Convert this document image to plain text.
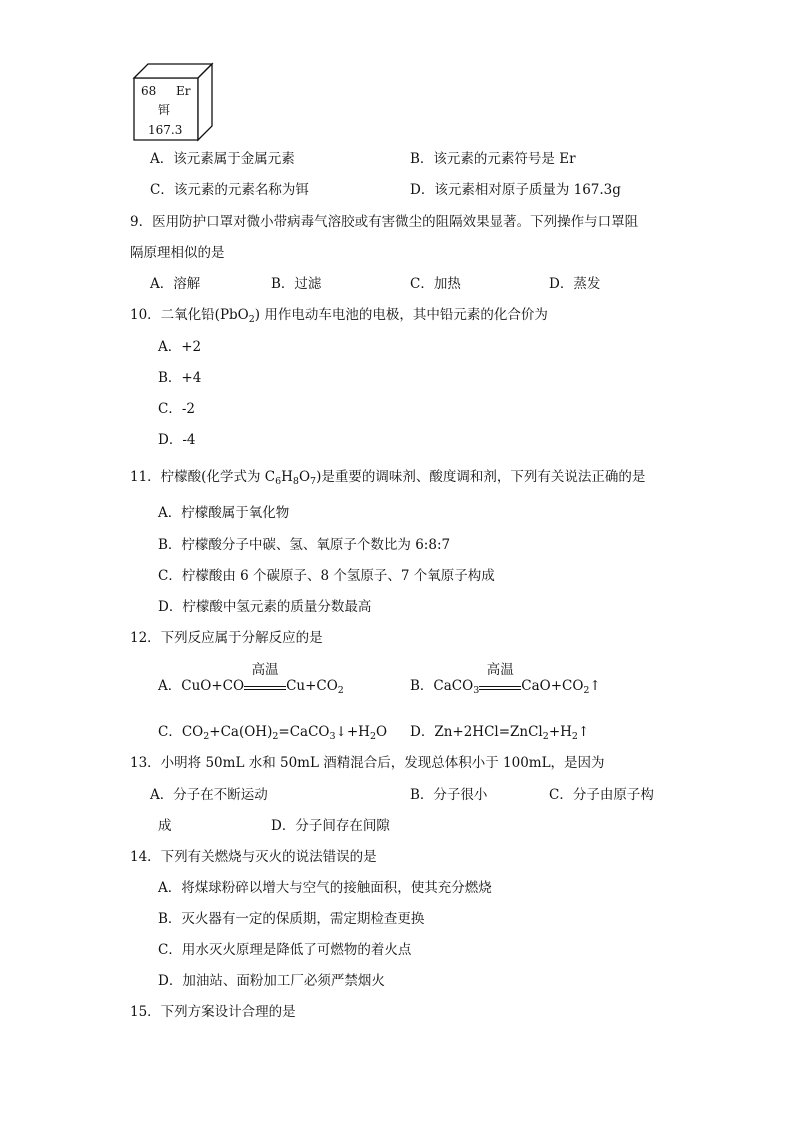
68 Er
铒
167.3
A．该元素属于金属元素	B．该元素的元素符号是 Er
C．该元素的元素名称为铒	D．该元素相对原子质量为 167.3g
9．医用防护口罩对微小带病毒气溶胶或有害微尘的阻隔效果显著。下列操作与口罩阻
隔原理相似的是
A．溶解	B．过滤	C．加热	D．蒸发
10．二氧化铅(PbO$_2$) 用作电动车电池的电极，其中铅元素的化合价为
A．+2
B．+4
C．-2
D．-4
11．柠檬酸(化学式为 $C_6H_8O_7$)是重要的调味剂、酸度调和剂，下列有关说法正确的是
A．柠檬酸属于氧化物
B．柠檬酸分子中碳、氢、氧原子个数比为 6:8:7
C．柠檬酸由 6 个碳原子、8 个氢原子、7 个氧原子构成
D．柠檬酸中氢元素的质量分数最高
12．下列反应属于分解反应的是
A．CuO+CO
高温
$Cu+CO_2$	B．CaCO$_3$
高温
$CaO+CO_2↑$
C．$CO_2+Ca(OH)_2=CaCO_3↓+H_2O$ D．$Zn+2HCl=ZnCl_2+H_2↑$
13．小明将 50mL 水和 50mL 酒精混合后，发现总体积小于 100mL，是因为
A．分子在不断运动	B．分子很小	C．分子由原子构
成	D．分子间存在间隙
14．下列有关燃烧与灭火的说法错误的是
A．将煤球粉碎以增大与空气的接触面积，使其充分燃烧
B．灭火器有一定的保质期，需定期检查更换
C．用水灭火原理是降低了可燃物的着火点
D．加油站、面粉加工厂必须严禁烟火
15．下列方案设计合理的是
